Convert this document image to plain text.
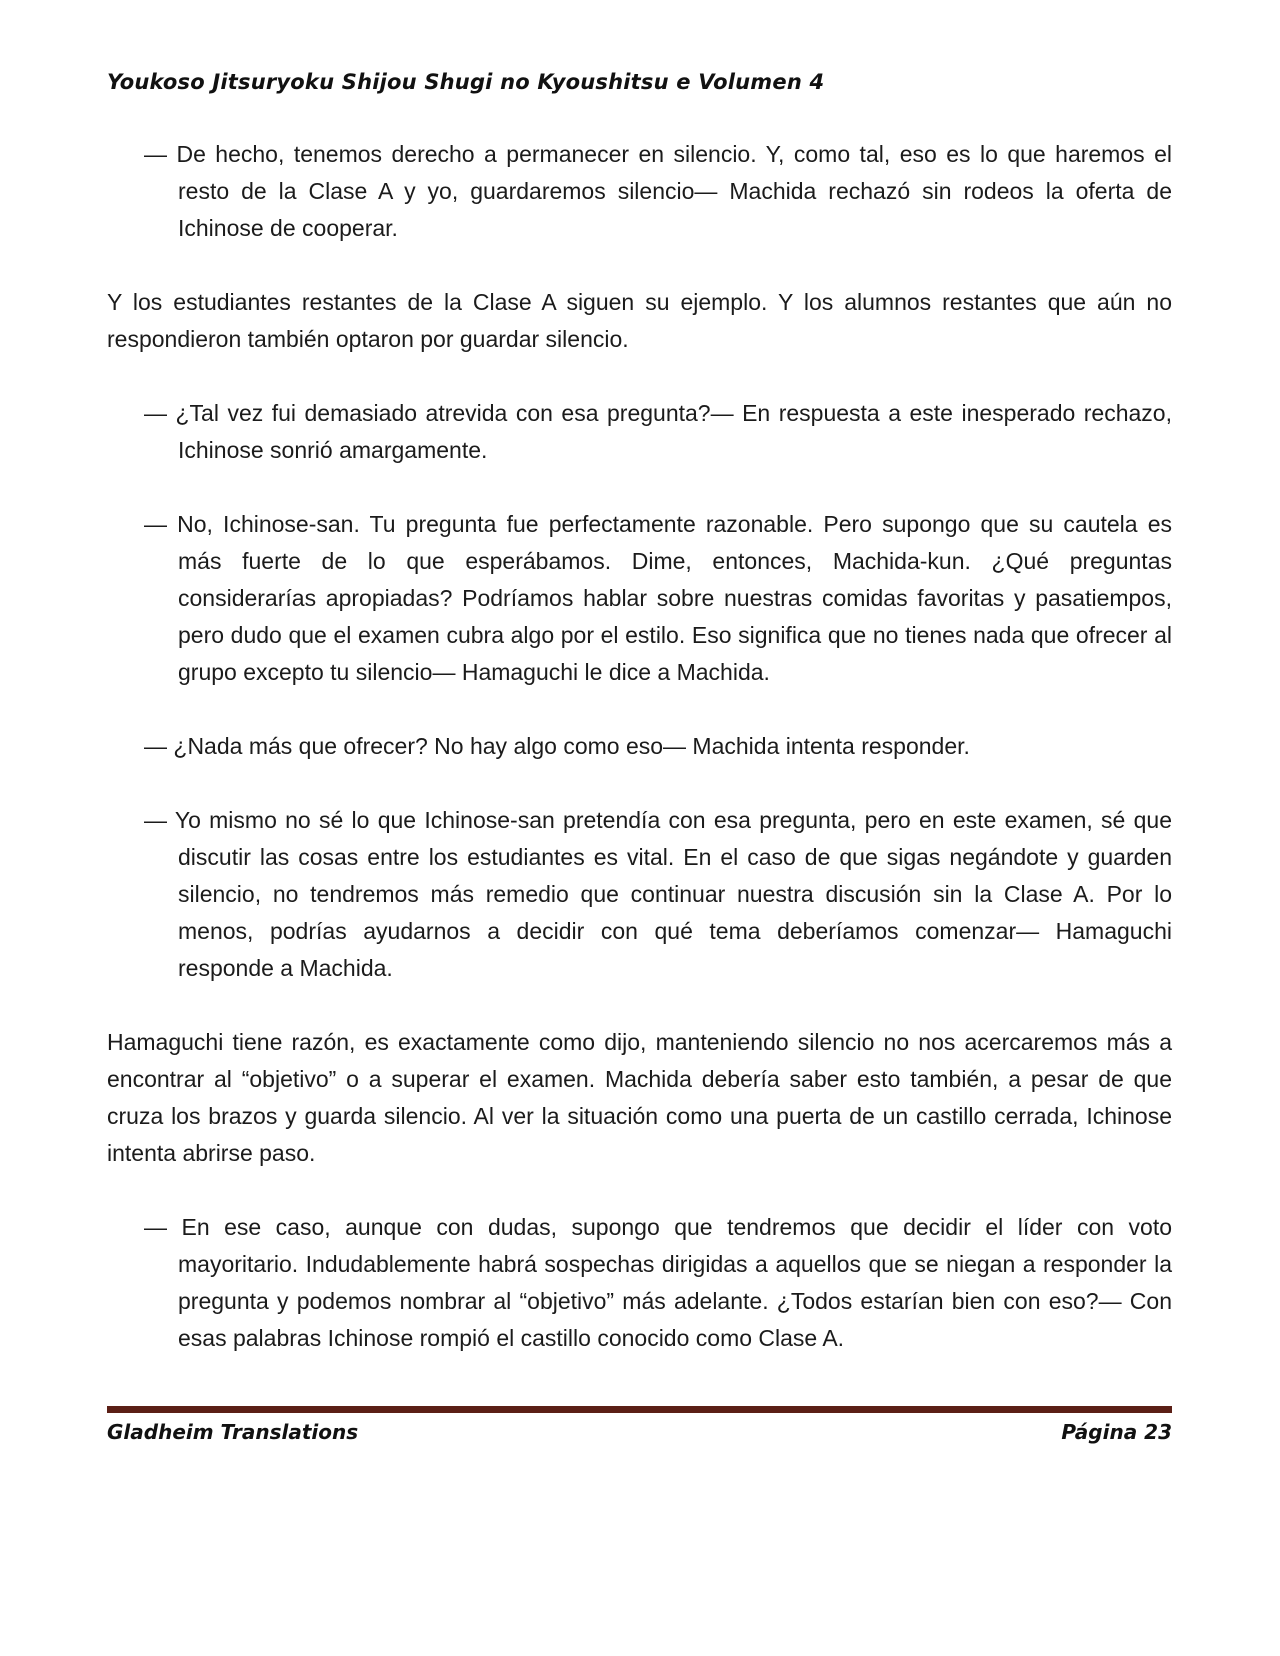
Youkoso Jitsuryoku Shijou Shugi no Kyoushitsu e Volumen 4

— De hecho, tenemos derecho a permanecer en silencio. Y, como tal, eso es lo que haremos el resto de la Clase A y yo, guardaremos silencio— Machida rechazó sin rodeos la oferta de Ichinose de cooperar.

Y los estudiantes restantes de la Clase A siguen su ejemplo. Y los alumnos restantes que aún no respondieron también optaron por guardar silencio.

— ¿Tal vez fui demasiado atrevida con esa pregunta?— En respuesta a este inesperado rechazo, Ichinose sonrió amargamente.

— No, Ichinose-san. Tu pregunta fue perfectamente razonable. Pero supongo que su cautela es más fuerte de lo que esperábamos. Dime, entonces, Machida-kun. ¿Qué preguntas considerarías apropiadas? Podríamos hablar sobre nuestras comidas favoritas y pasatiempos, pero dudo que el examen cubra algo por el estilo. Eso significa que no tienes nada que ofrecer al grupo excepto tu silencio— Hamaguchi le dice a Machida.

— ¿Nada más que ofrecer? No hay algo como eso— Machida intenta responder.

— Yo mismo no sé lo que Ichinose-san pretendía con esa pregunta, pero en este examen, sé que discutir las cosas entre los estudiantes es vital. En el caso de que sigas negándote y guarden silencio, no tendremos más remedio que continuar nuestra discusión sin la Clase A. Por lo menos, podrías ayudarnos a decidir con qué tema deberíamos comenzar— Hamaguchi responde a Machida.

Hamaguchi tiene razón, es exactamente como dijo, manteniendo silencio no nos acercaremos más a encontrar al “objetivo” o a superar el examen. Machida debería saber esto también, a pesar de que cruza los brazos y guarda silencio. Al ver la situación como una puerta de un castillo cerrada, Ichinose intenta abrirse paso.

— En ese caso, aunque con dudas, supongo que tendremos que decidir el líder con voto mayoritario. Indudablemente habrá sospechas dirigidas a aquellos que se niegan a responder la pregunta y podemos nombrar al “objetivo” más adelante. ¿Todos estarían bien con eso?— Con esas palabras Ichinose rompió el castillo conocido como Clase A.

Gladheim Translations	Página 23
